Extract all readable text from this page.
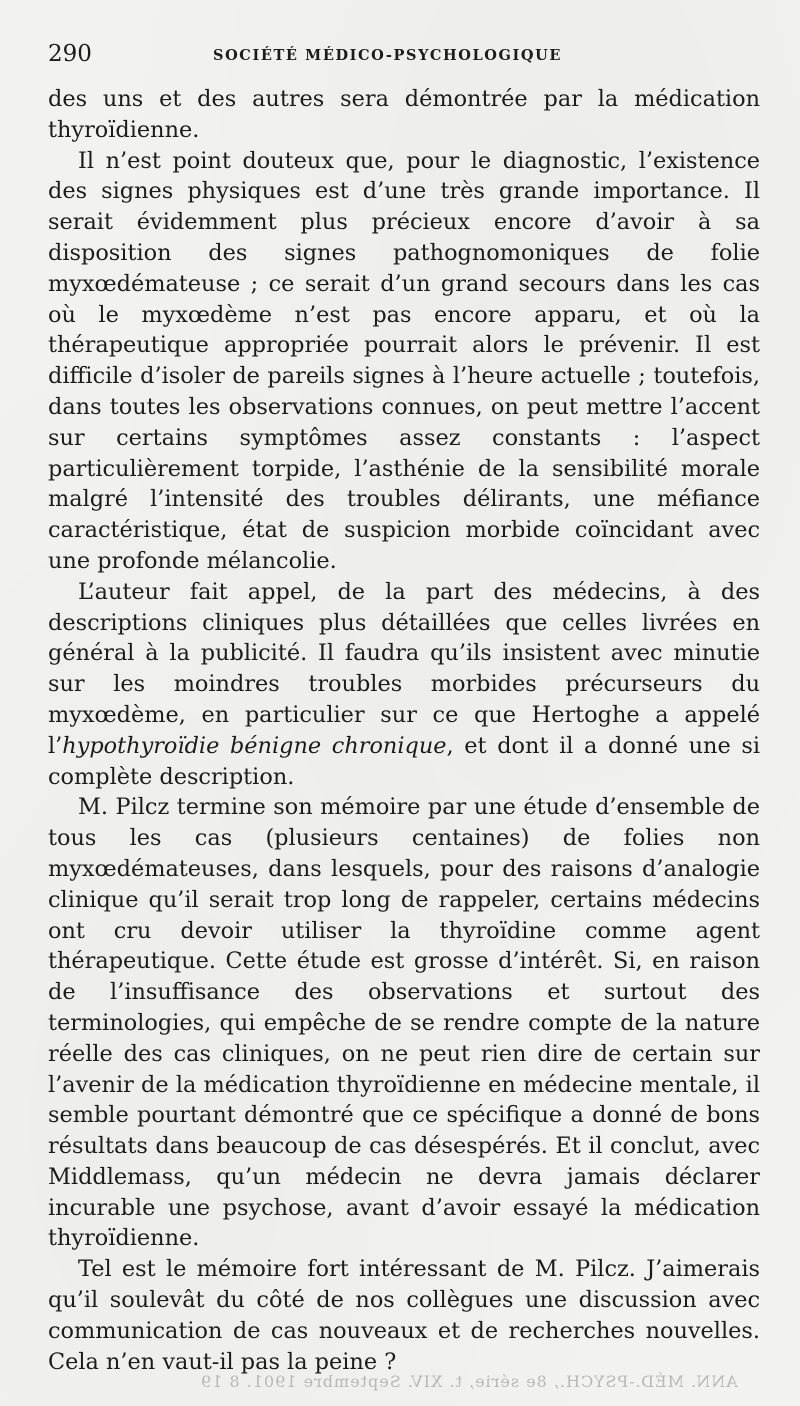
290	SOCIÉTÉ MÉDICO-PSYCHOLOGIQUE

des uns et des autres sera démontrée par la médication thyroïdienne.

Il n’est point douteux que, pour le diagnostic, l’existence des signes physiques est d’une très grande importance. Il serait évidemment plus précieux encore d’avoir à sa disposition des signes pathognomoniques de folie myxœdémateuse ; ce serait d’un grand secours dans les cas où le myxœdème n’est pas encore apparu, et où la thérapeutique appropriée pourrait alors le prévenir. Il est difficile d’isoler de pareils signes à l’heure actuelle ; toutefois, dans toutes les observations connues, on peut mettre l’accent sur certains symptômes assez constants : l’aspect particulièrement torpide, l’asthénie de la sensibilité morale malgré l’intensité des troubles délirants, une méfiance caractéristique, état de suspicion morbide coïncidant avec une profonde mélancolie.

L’auteur fait appel, de la part des médecins, à des descriptions cliniques plus détaillées que celles livrées en général à la publicité. Il faudra qu’ils insistent avec minutie sur les moindres troubles morbides précurseurs du myxœdème, en particulier sur ce que Hertoghe a appelé l’hypothyroïdie bénigne chronique, et dont il a donné une si complète description.

M. Pilcz termine son mémoire par une étude d’ensemble de tous les cas (plusieurs centaines) de folies non myxœdémateuses, dans lesquels, pour des raisons d’analogie clinique qu’il serait trop long de rappeler, certains médecins ont cru devoir utiliser la thyroïdine comme agent thérapeutique. Cette étude est grosse d’intérêt. Si, en raison de l’insuffisance des observations et surtout des terminologies, qui empêche de se rendre compte de la nature réelle des cas cliniques, on ne peut rien dire de certain sur l’avenir de la médication thyroïdienne en médecine mentale, il semble pourtant démontré que ce spécifique a donné de bons résultats dans beaucoup de cas désespérés. Et il conclut, avec Middlemass, qu’un médecin ne devra jamais déclarer incurable une psychose, avant d’avoir essayé la médication thyroïdienne.

Tel est le mémoire fort intéressant de M. Pilcz. J’aimerais qu’il soulevât du côté de nos collègues une discussion avec communication de cas nouveaux et de recherches nouvelles. Cela n’en vaut-il pas la peine ?

ANN. MÉD.-PSYCH., 8e série, t. XIV. Septembre 1901. 8 19
